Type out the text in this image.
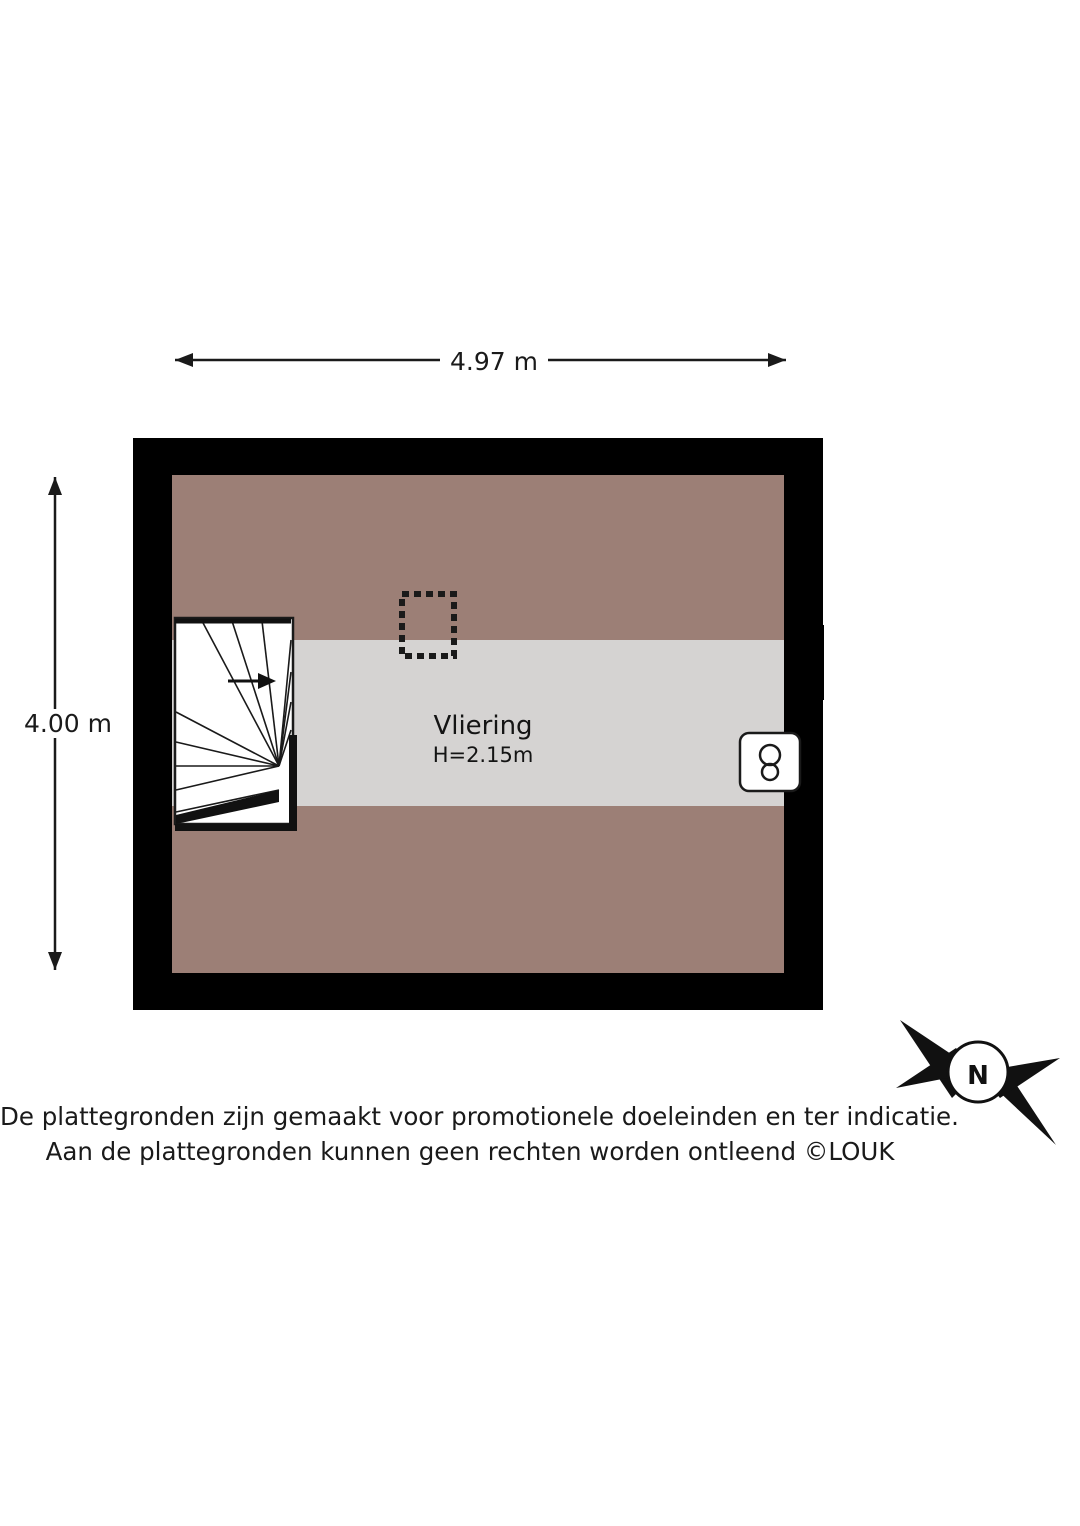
N
4.97 m
4.00 m	Vliering
H=2.15m
De plattegronden zijn gemaakt voor promotionele doeleinden en ter indicatie.
Aan de plattegronden kunnen geen rechten worden ontleend ©LOUK
